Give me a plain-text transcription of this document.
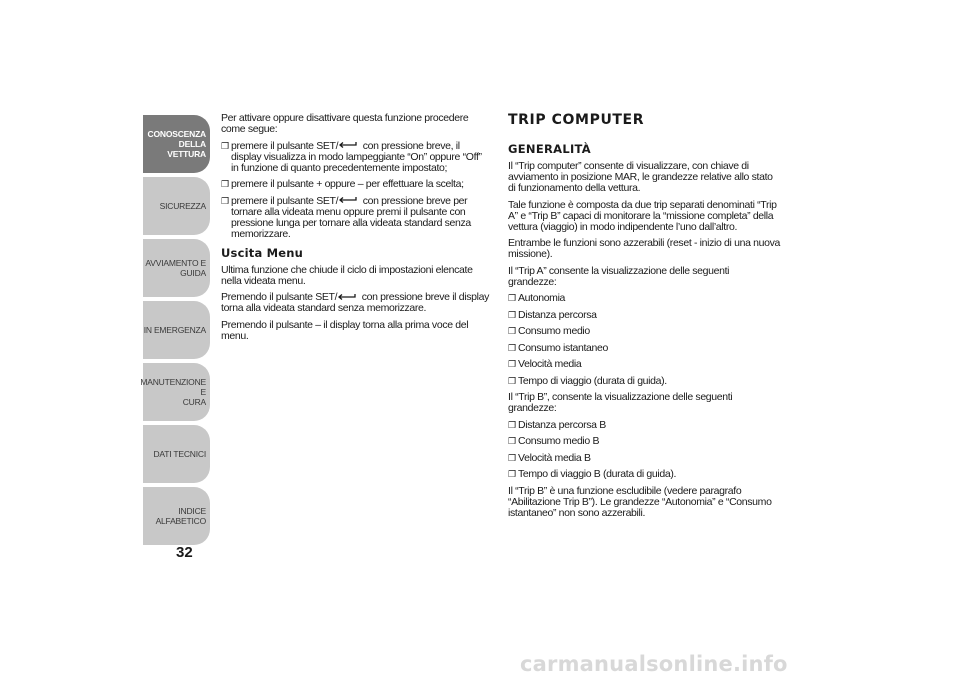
CONOSCENZA
DELLA VETTURA
SICUREZZA
AVVIAMENTO E
GUIDA
IN EMERGENZA
MANUTENZIONE E
CURA
DATI TECNICI
INDICE ALFABETICO
32

Per attivare oppure disattivare questa funzione procedere come segue:

❒ premere il pulsante SET/ con pressione breve, il display visualizza in modo lampeggiante “On” oppure “Off” in funzione di quanto precedentemente impostato;

❒ premere il pulsante + oppure – per effettuare la scelta;

❒ premere il pulsante SET/ con pressione breve per tornare alla videata menu oppure premi il pulsante con pressione lunga per tornare alla videata standard senza memorizzare.

Uscita Menu

Ultima funzione che chiude il ciclo di impostazioni elencate nella videata menu.

Premendo il pulsante SET/ con pressione breve il display torna alla videata standard senza memorizzare.

Premendo il pulsante – il display torna alla prima voce del menu.

TRIP COMPUTER
GENERALITÀ

Il “Trip computer” consente di visualizzare, con chiave di avviamento in posizione MAR, le grandezze relative allo stato di funzionamento della vettura.

Tale funzione è composta da due trip separati denominati “Trip A” e “Trip B” capaci di monitorare la “missione completa” della vettura (viaggio) in modo indipendente l’uno dall’altro.

Entrambe le funzioni sono azzerabili (reset - inizio di una nuova missione).

Il “Trip A” consente la visualizzazione delle seguenti grandezze:

❒ Autonomia

❒ Distanza percorsa

❒ Consumo medio

❒ Consumo istantaneo

❒ Velocità media

❒ Tempo di viaggio (durata di guida).

Il “Trip B”, consente la visualizzazione delle seguenti grandezze:

❒ Distanza percorsa B

❒ Consumo medio B

❒ Velocità media B

❒ Tempo di viaggio B (durata di guida).

Il “Trip B” è una funzione escludibile (vedere paragrafo “Abilitazione Trip B”). Le grandezze “Autonomia” e “Consumo istantaneo” non sono azzerabili.

carmanualsonline.info
